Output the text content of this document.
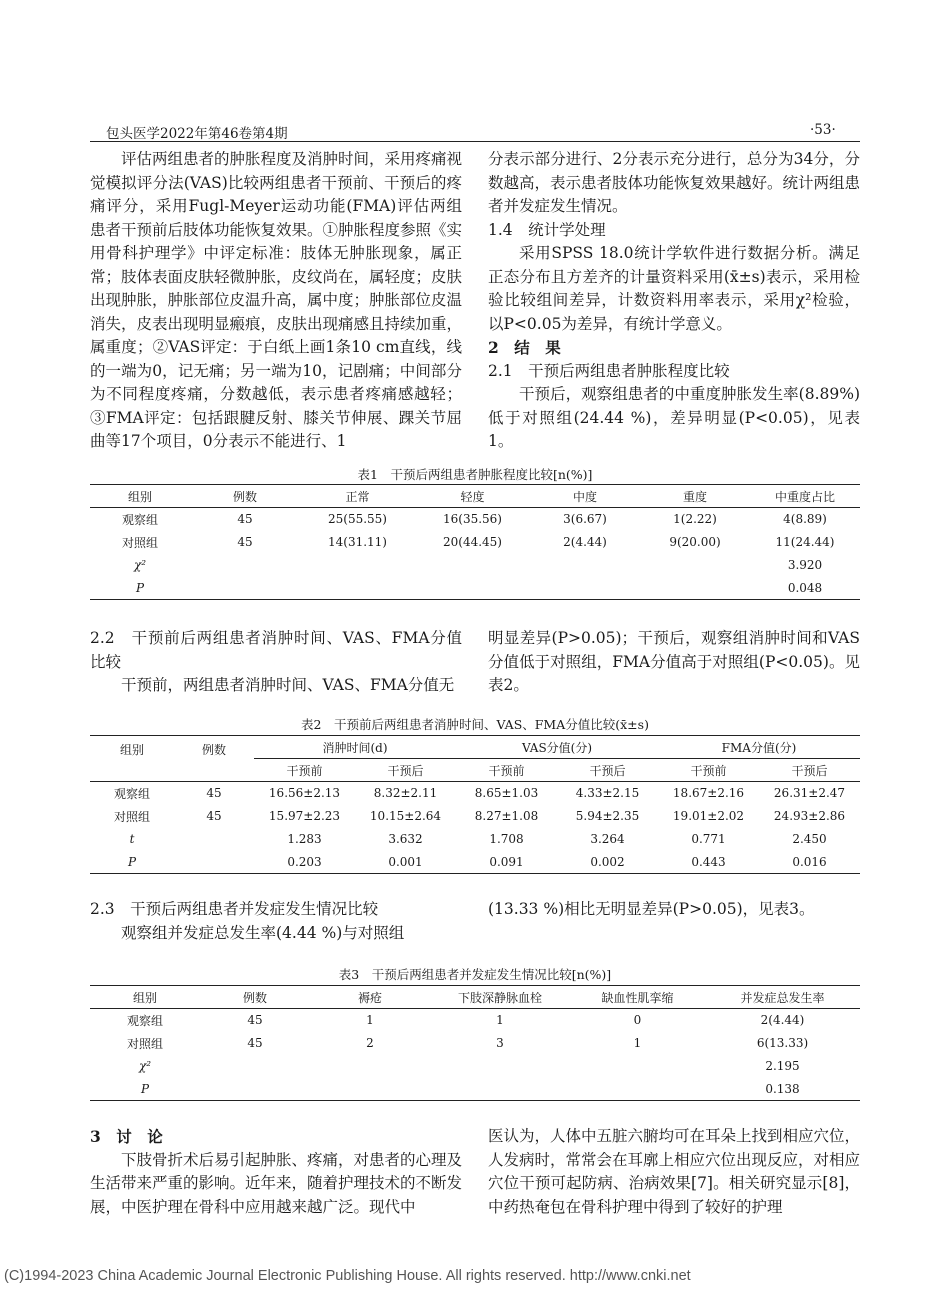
包头医学2022年第46卷第4期	·53·

评估两组患者的肿胀程度及消肿时间，采用疼痛视觉模拟评分法(VAS)比较两组患者干预前、干预后的疼痛评分，采用Fugl-Meyer运动功能(FMA)评估两组患者干预前后肢体功能恢复效果。①肿胀程度参照《实用骨科护理学》中评定标准：肢体无肿胀现象，属正常；肢体表面皮肤轻微肿胀，皮纹尚在，属轻度；皮肤出现肿胀，肿胀部位皮温升高，属中度；肿胀部位皮温消失，皮表出现明显瘢痕，皮肤出现痛感且持续加重，属重度；②VAS评定：于白纸上画1条10 cm直线，线的一端为0，记无痛；另一端为10，记剧痛；中间部分为不同程度疼痛，分数越低，表示患者疼痛感越轻；③FMA评定：包括跟腱反射、膝关节伸展、踝关节屈曲等17个项目，0分表示不能进行、1

分表示部分进行、2分表示充分进行，总分为34分，分数越高，表示患者肢体功能恢复效果越好。统计两组患者并发症发生情况。

1.4　统计学处理

采用SPSS 18.0统计学软件进行数据分析。满足正态分布且方差齐的计量资料采用(x̄±s)表示，采用检验比较组间差异，计数资料用率表示，采用χ²检验，以P<0.05为差异，有统计学意义。

2　结　果

2.1　干预后两组患者肿胀程度比较

干预后，观察组患者的中重度肿胀发生率(8.89%)低于对照组(24.44 %)，差异明显(P<0.05)，见表1。

表1　干预后两组患者肿胀程度比较[n(%)]
组别	例数	正常	轻度	中度	重度	中重度占比
观察组	45	25(55.55)	16(35.56)	3(6.67)	1(2.22)	4(8.89)
对照组	45	14(31.11)	20(44.45)	2(4.44)	9(20.00)	11(24.44)
χ²						3.920
P						0.048

2.2　干预前后两组患者消肿时间、VAS、FMA分值比较

干预前，两组患者消肿时间、VAS、FMA分值无

明显差异(P>0.05)；干预后，观察组消肿时间和VAS分值低于对照组，FMA分值高于对照组(P<0.05)。见表2。

表2　干预前后两组患者消肿时间、VAS、FMA分值比较(x̄±s)
组别	例数	消肿时间(d)		VAS分值(分)		FMA分值(分)	
		干预前	干预后	干预前	干预后	干预前	干预后
观察组	45	16.56±2.13	8.32±2.11	8.65±1.03	4.33±2.15	18.67±2.16	26.31±2.47
对照组	45	15.97±2.23	10.15±2.64	8.27±1.08	5.94±2.35	19.01±2.02	24.93±2.86
t		1.283	3.632	1.708	3.264	0.771	2.450
P		0.203	0.001	0.091	0.002	0.443	0.016

2.3　干预后两组患者并发症发生情况比较

观察组并发症总发生率(4.44 %)与对照组

(13.33 %)相比无明显差异(P>0.05)，见表3。

表3　干预后两组患者并发症发生情况比较[n(%)]
组别	例数	褥疮	下肢深静脉血栓	缺血性肌挛缩	并发症总发生率
观察组	45	1	1	0	2(4.44)
对照组	45	2	3	1	6(13.33)
χ²					2.195
P					0.138

3　讨　论

下肢骨折术后易引起肿胀、疼痛，对患者的心理及生活带来严重的影响。近年来，随着护理技术的不断发展，中医护理在骨科中应用越来越广泛。现代中

医认为，人体中五脏六腑均可在耳朵上找到相应穴位，人发病时，常常会在耳廓上相应穴位出现反应，对相应穴位干预可起防病、治病效果[7]。相关研究显示[8]，中药热奄包在骨科护理中得到了较好的护理

(C)1994-2023 China Academic Journal Electronic Publishing House. All rights reserved. http://www.cnki.net
